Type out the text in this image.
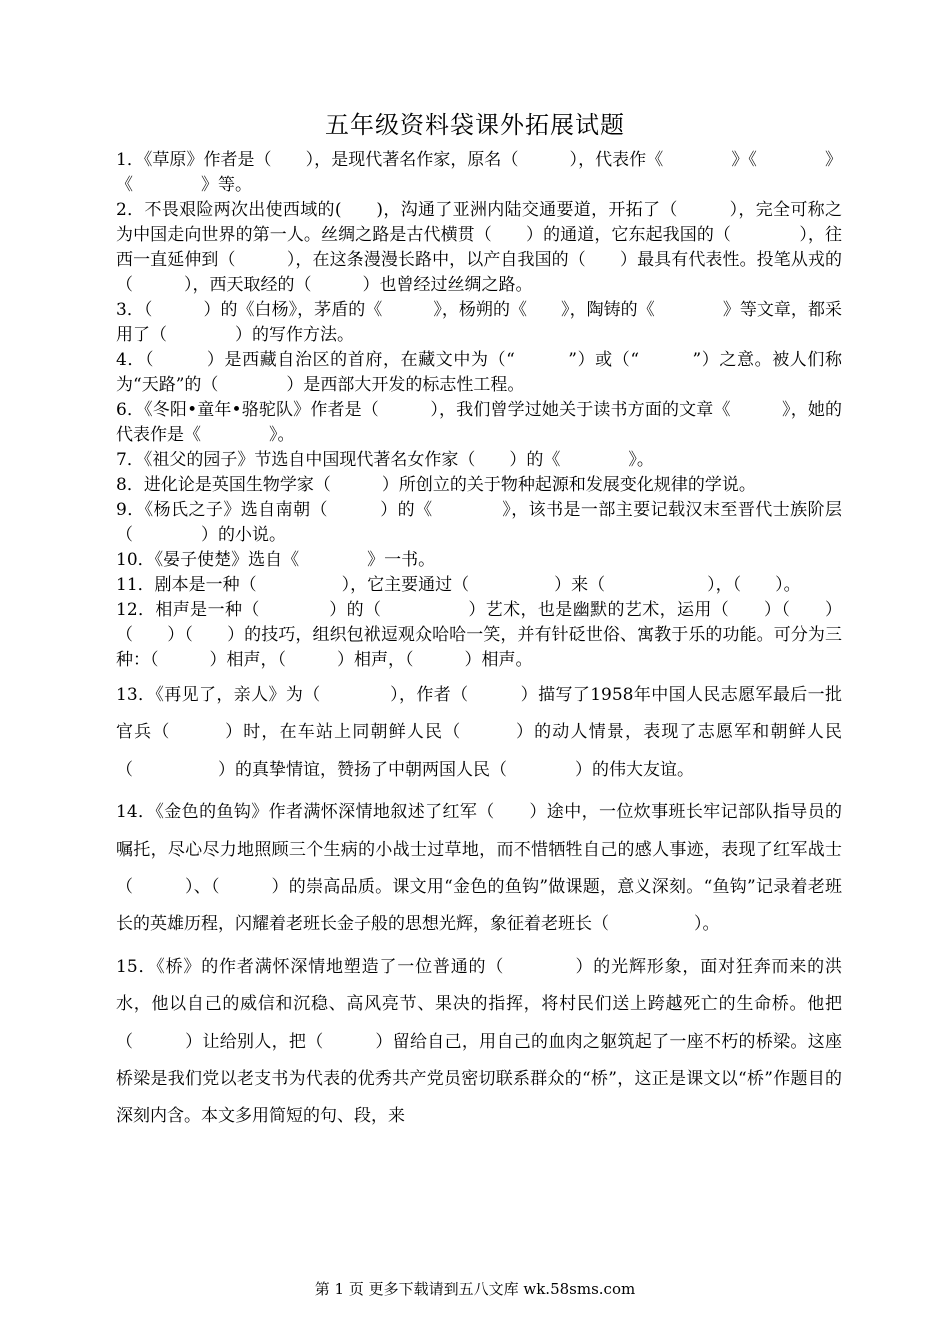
五年级资料袋课外拓展试题

1．《草原》作者是（　　），是现代著名作家，原名（　　　），代表作《　　　　》《　　　　》《　　　　》等。

2．不畏艰险两次出使西域的(　　)，沟通了亚洲内陆交通要道，开拓了（　　　），完全可称之为中国走向世界的第一人。丝绸之路是古代横贯（　　）的通道，它东起我国的（　　　　），往西一直延伸到（　　　），在这条漫漫长路中，以产自我国的（　　）最具有代表性。投笔从戎的（　　　），西天取经的（　　　）也曾经过丝绸之路。

3．（　　　）的《白杨》，茅盾的《　　　》，杨朔的《　　》，陶铸的《　　　　》等文章，都采用了（　　　　）的写作方法。

4．（　　　）是西藏自治区的首府，在藏文中为（“　　　”）或（“　　　”）之意。被人们称为“天路”的（　　　　）是西部大开发的标志性工程。

6．《冬阳•童年•骆驼队》作者是（　　　），我们曾学过她关于读书方面的文章《　　　》，她的代表作是《　　　　》。

7．《祖父的园子》节选自中国现代著名女作家（　　）的《　　　　》。

8．进化论是英国生物学家（　　　）所创立的关于物种起源和发展变化规律的学说。

9．《杨氏之子》选自南朝（　　　）的《　　　　》，该书是一部主要记载汉末至晋代士族阶层（　　　　）的小说。

10．《晏子使楚》选自《　　　　》一书。

11．剧本是一种（　　　　　），它主要通过（　　　　　）来（　　　　　　），（　　）。

12．相声是一种（　　　　）的（　　　　　）艺术，也是幽默的艺术，运用（　　）（　　）（　　）（　　）的技巧，组织包袱逗观众哈哈一笑，并有针砭世俗、寓教于乐的功能。可分为三种：（　　　）相声，（　　　）相声，（　　　）相声。

13．《再见了，亲人》为（　　　　），作者（　　　）描写了1958年中国人民志愿军最后一批官兵（　　　）时，在车站上同朝鲜人民（　　　）的动人情景，表现了志愿军和朝鲜人民（　　　　　）的真挚情谊，赞扬了中朝两国人民（　　　　）的伟大友谊。

14．《金色的鱼钩》作者满怀深情地叙述了红军（　　）途中，一位炊事班长牢记部队指导员的嘱托，尽心尽力地照顾三个生病的小战士过草地，而不惜牺牲自己的感人事迹，表现了红军战士（　　　）、（　　　）的崇高品质。课文用“金色的鱼钩”做课题，意义深刻。“鱼钩”记录着老班长的英雄历程，闪耀着老班长金子般的思想光辉，象征着老班长（　　　　　）。

15．《桥》的作者满怀深情地塑造了一位普通的（　　　　）的光辉形象，面对狂奔而来的洪水，他以自己的威信和沉稳、高风亮节、果决的指挥，将村民们送上跨越死亡的生命桥。他把（　　　）让给别人，把（　　　）留给自己，用自己的血肉之躯筑起了一座不朽的桥梁。这座桥梁是我们党以老支书为代表的优秀共产党员密切联系群众的“桥”，这正是课文以“桥”作题目的深刻内含。本文多用简短的句、段，来

第 1 页 更多下载请到五八文库 wk.58sms.com
